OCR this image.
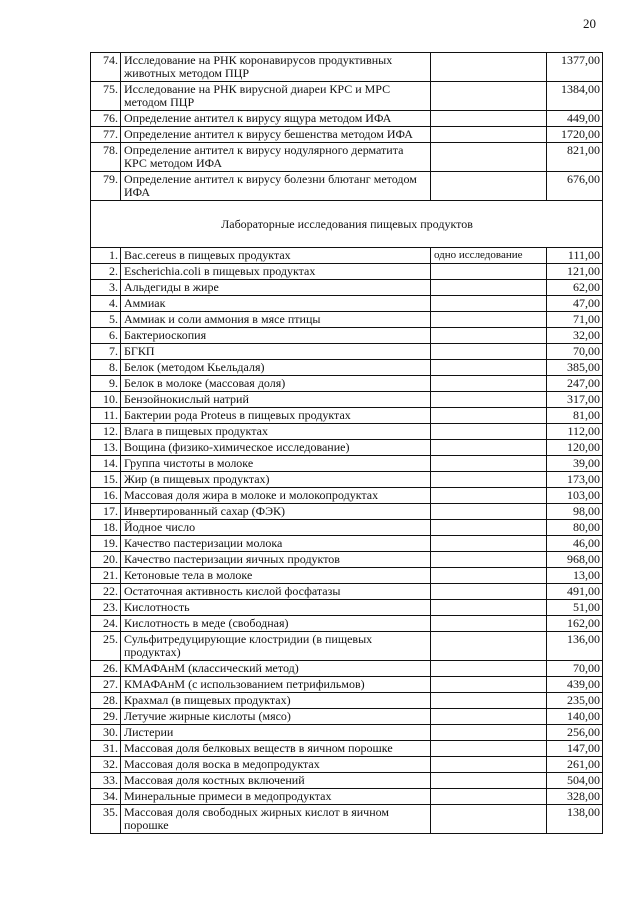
20
74.	Исследование на РНК коронавирусов продуктивных животных методом ПЦР		1377,00
75.	Исследование на РНК вирусной диареи КРС и МРС методом ПЦР		1384,00
76.	Определение антител к вирусу ящура методом ИФА		449,00
77.	Определение антител к вирусу бешенства методом ИФА		1720,00
78.	Определение антител к вирусу нодулярного дерматита КРС методом ИФА		821,00
79.	Определение антител к вирусу болезни блютанг методом ИФА		676,00
Лабораторные исследования пищевых продуктов			
1.	Bac.cereus в пищевых продуктах	одно исследование	111,00
2.	Escherichia.coli в пищевых продуктах		121,00
3.	Альдегиды в жире		62,00
4.	Аммиак		47,00
5.	Аммиак и соли аммония в мясе птицы		71,00
6.	Бактериоскопия		32,00
7.	БГКП		70,00
8.	Белок (методом Кьельдаля)		385,00
9.	Белок в молоке (массовая доля)		247,00
10.	Бензойнокислый натрий		317,00
11.	Бактерии рода Proteus в пищевых продуктах		81,00
12.	Влага в пищевых продуктах		112,00
13.	Вощина (физико-химическое исследование)		120,00
14.	Группа чистоты в молоке		39,00
15.	Жир (в пищевых продуктах)		173,00
16.	Массовая доля жира в молоке и молокопродуктах		103,00
17.	Инвертированный сахар (ФЭК)		98,00
18.	Йодное число		80,00
19.	Качество пастеризации молока		46,00
20.	Качество пастеризации яичных продуктов		968,00
21.	Кетоновые тела в молоке		13,00
22.	Остаточная активность кислой фосфатазы		491,00
23.	Кислотность		51,00
24.	Кислотность в меде (свободная)		162,00
25.	Сульфитредуцирующие клостридии (в пищевых продуктах)		136,00
26.	КМАФАнМ (классический метод)		70,00
27.	КМАФАнМ (с использованием петрифильмов)		439,00
28.	Крахмал (в пищевых продуктах)		235,00
29.	Летучие жирные кислоты (мясо)		140,00
30.	Листерии		256,00
31.	Массовая доля белковых веществ в яичном порошке		147,00
32.	Массовая доля воска в медопродуктах		261,00
33.	Массовая доля костных включений		504,00
34.	Минеральные примеси в медопродуктах		328,00
35.	Массовая доля свободных жирных кислот в яичном порошке		138,00
